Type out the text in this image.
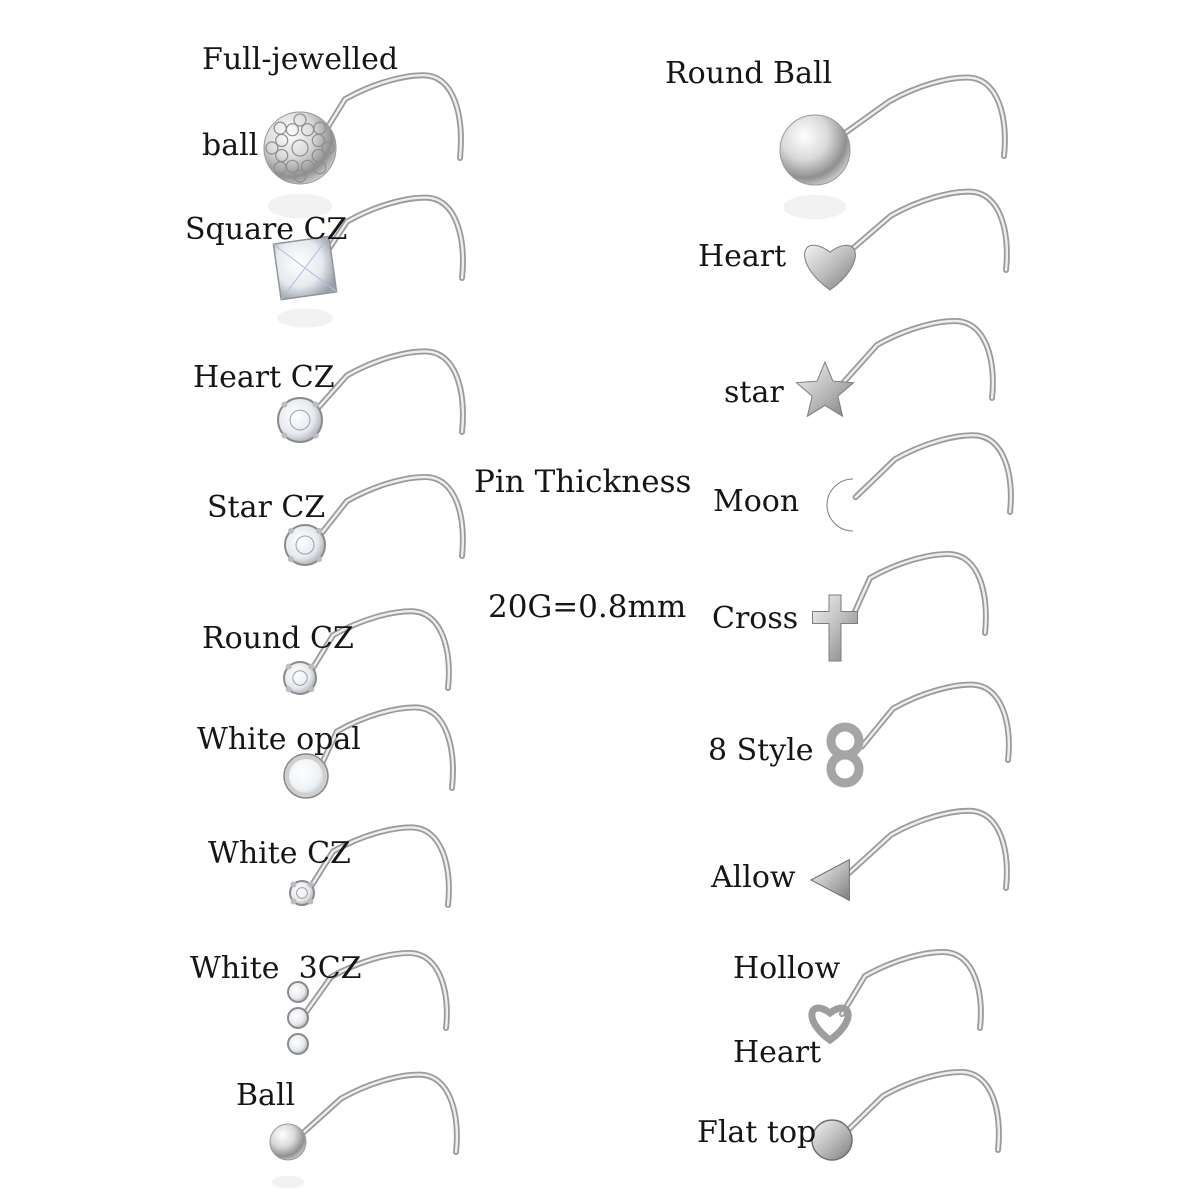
Full-jewelled
ball
Square CZ
Heart CZ
Star CZ
Round CZ
White opal
White CZ
White  3CZ
Ball
Round Ball
Heart
star
Moon
Cross
8 Style
Allow
Hollow
Heart
Flat top
Pin Thickness
20G=0.8mm
